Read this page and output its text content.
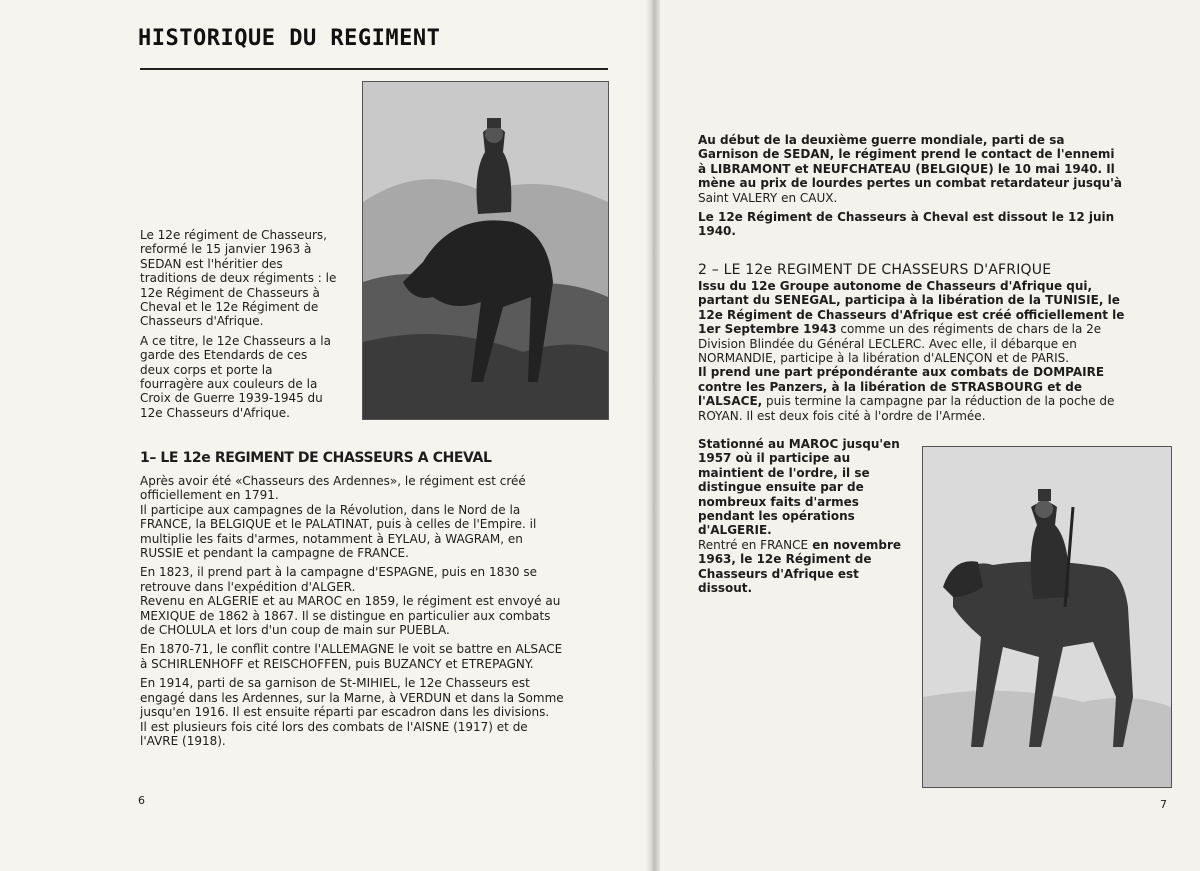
HISTORIQUE DU REGIMENT

Le 12e régiment de Chasseurs, reformé le 15 janvier 1963 à SEDAN est l'héritier des traditions de deux régiments : le 12e Régiment de Chasseurs à Cheval et le 12e Régiment de Chasseurs d'Afrique.

A ce titre, le 12e Chasseurs a la garde des Etendards de ces deux corps et porte la fourragère aux couleurs de la Croix de Guerre 1939-1945 du 12e Chasseurs d'Afrique.

1– LE 12e REGIMENT DE CHASSEURS A CHEVAL

Après avoir été «Chasseurs des Ardennes», le régiment est créé officiellement en 1791.

Il participe aux campagnes de la Révolution, dans le Nord de la FRANCE, la BELGIQUE et le PALATINAT, puis à celles de l'Empire. il multiplie les faits d'armes, notamment à EYLAU, à WAGRAM, en RUSSIE et pendant la campagne de FRANCE.

En 1823, il prend part à la campagne d'ESPAGNE, puis en 1830 se retrouve dans l'expédition d'ALGER.

Revenu en ALGERIE et au MAROC en 1859, le régiment est envoyé au MEXIQUE de 1862 à 1867. Il se distingue en particulier aux combats de CHOLULA et lors d'un coup de main sur PUEBLA.

En 1870-71, le conflit contre l'ALLEMAGNE le voit se battre en ALSACE à SCHIRLENHOFF et REISCHOFFEN, puis BUZANCY et ETREPAGNY.

En 1914, parti de sa garnison de St-MIHIEL, le 12e Chasseurs est engagé dans les Ardennes, sur la Marne, à VERDUN et dans la Somme jusqu'en 1916. Il est ensuite réparti par escadron dans les divisions.

Il est plusieurs fois cité lors des combats de l'AISNE (1917) et de l'AVRE (1918).

6

Au début de la deuxième guerre mondiale, parti de sa Garnison de SEDAN, le régiment prend le contact de l'ennemi à LIBRAMONT et NEUFCHATEAU (BELGIQUE) le 10 mai 1940. Il mène au prix de lourdes pertes un combat retardateur jusqu'à

Saint VALERY en CAUX.

Le 12e Régiment de Chasseurs à Cheval est dissout le 12 juin 1940.

2 – LE 12e REGIMENT DE CHASSEURS D'AFRIQUE

Issu du 12e Groupe autonome de Chasseurs d'Afrique qui, partant du SENEGAL, participa à la libération de la TUNISIE, le 12e Régiment de Chasseurs d'Afrique est créé officiellement le 1er Septembre 1943 comme un des régiments de chars de la 2e Division Blindée du Général LECLERC. Avec elle, il débarque en NORMANDIE, participe à la libération d'ALENÇON et de PARIS.

Il prend une part prépondérante aux combats de DOMPAIRE contre les Panzers, à la libération de STRASBOURG et de l'ALSACE, puis termine la campagne par la réduction de la poche de ROYAN. Il est deux fois cité à l'ordre de l'Armée.

Stationné au MAROC jusqu'en 1957 où il participe au maintient de l'ordre, il se distingue ensuite par de nombreux faits d'armes pendant les opérations d'ALGERIE.

Rentré en FRANCE en novembre 1963, le 12e Régiment de Chasseurs d'Afrique est dissout.

7
